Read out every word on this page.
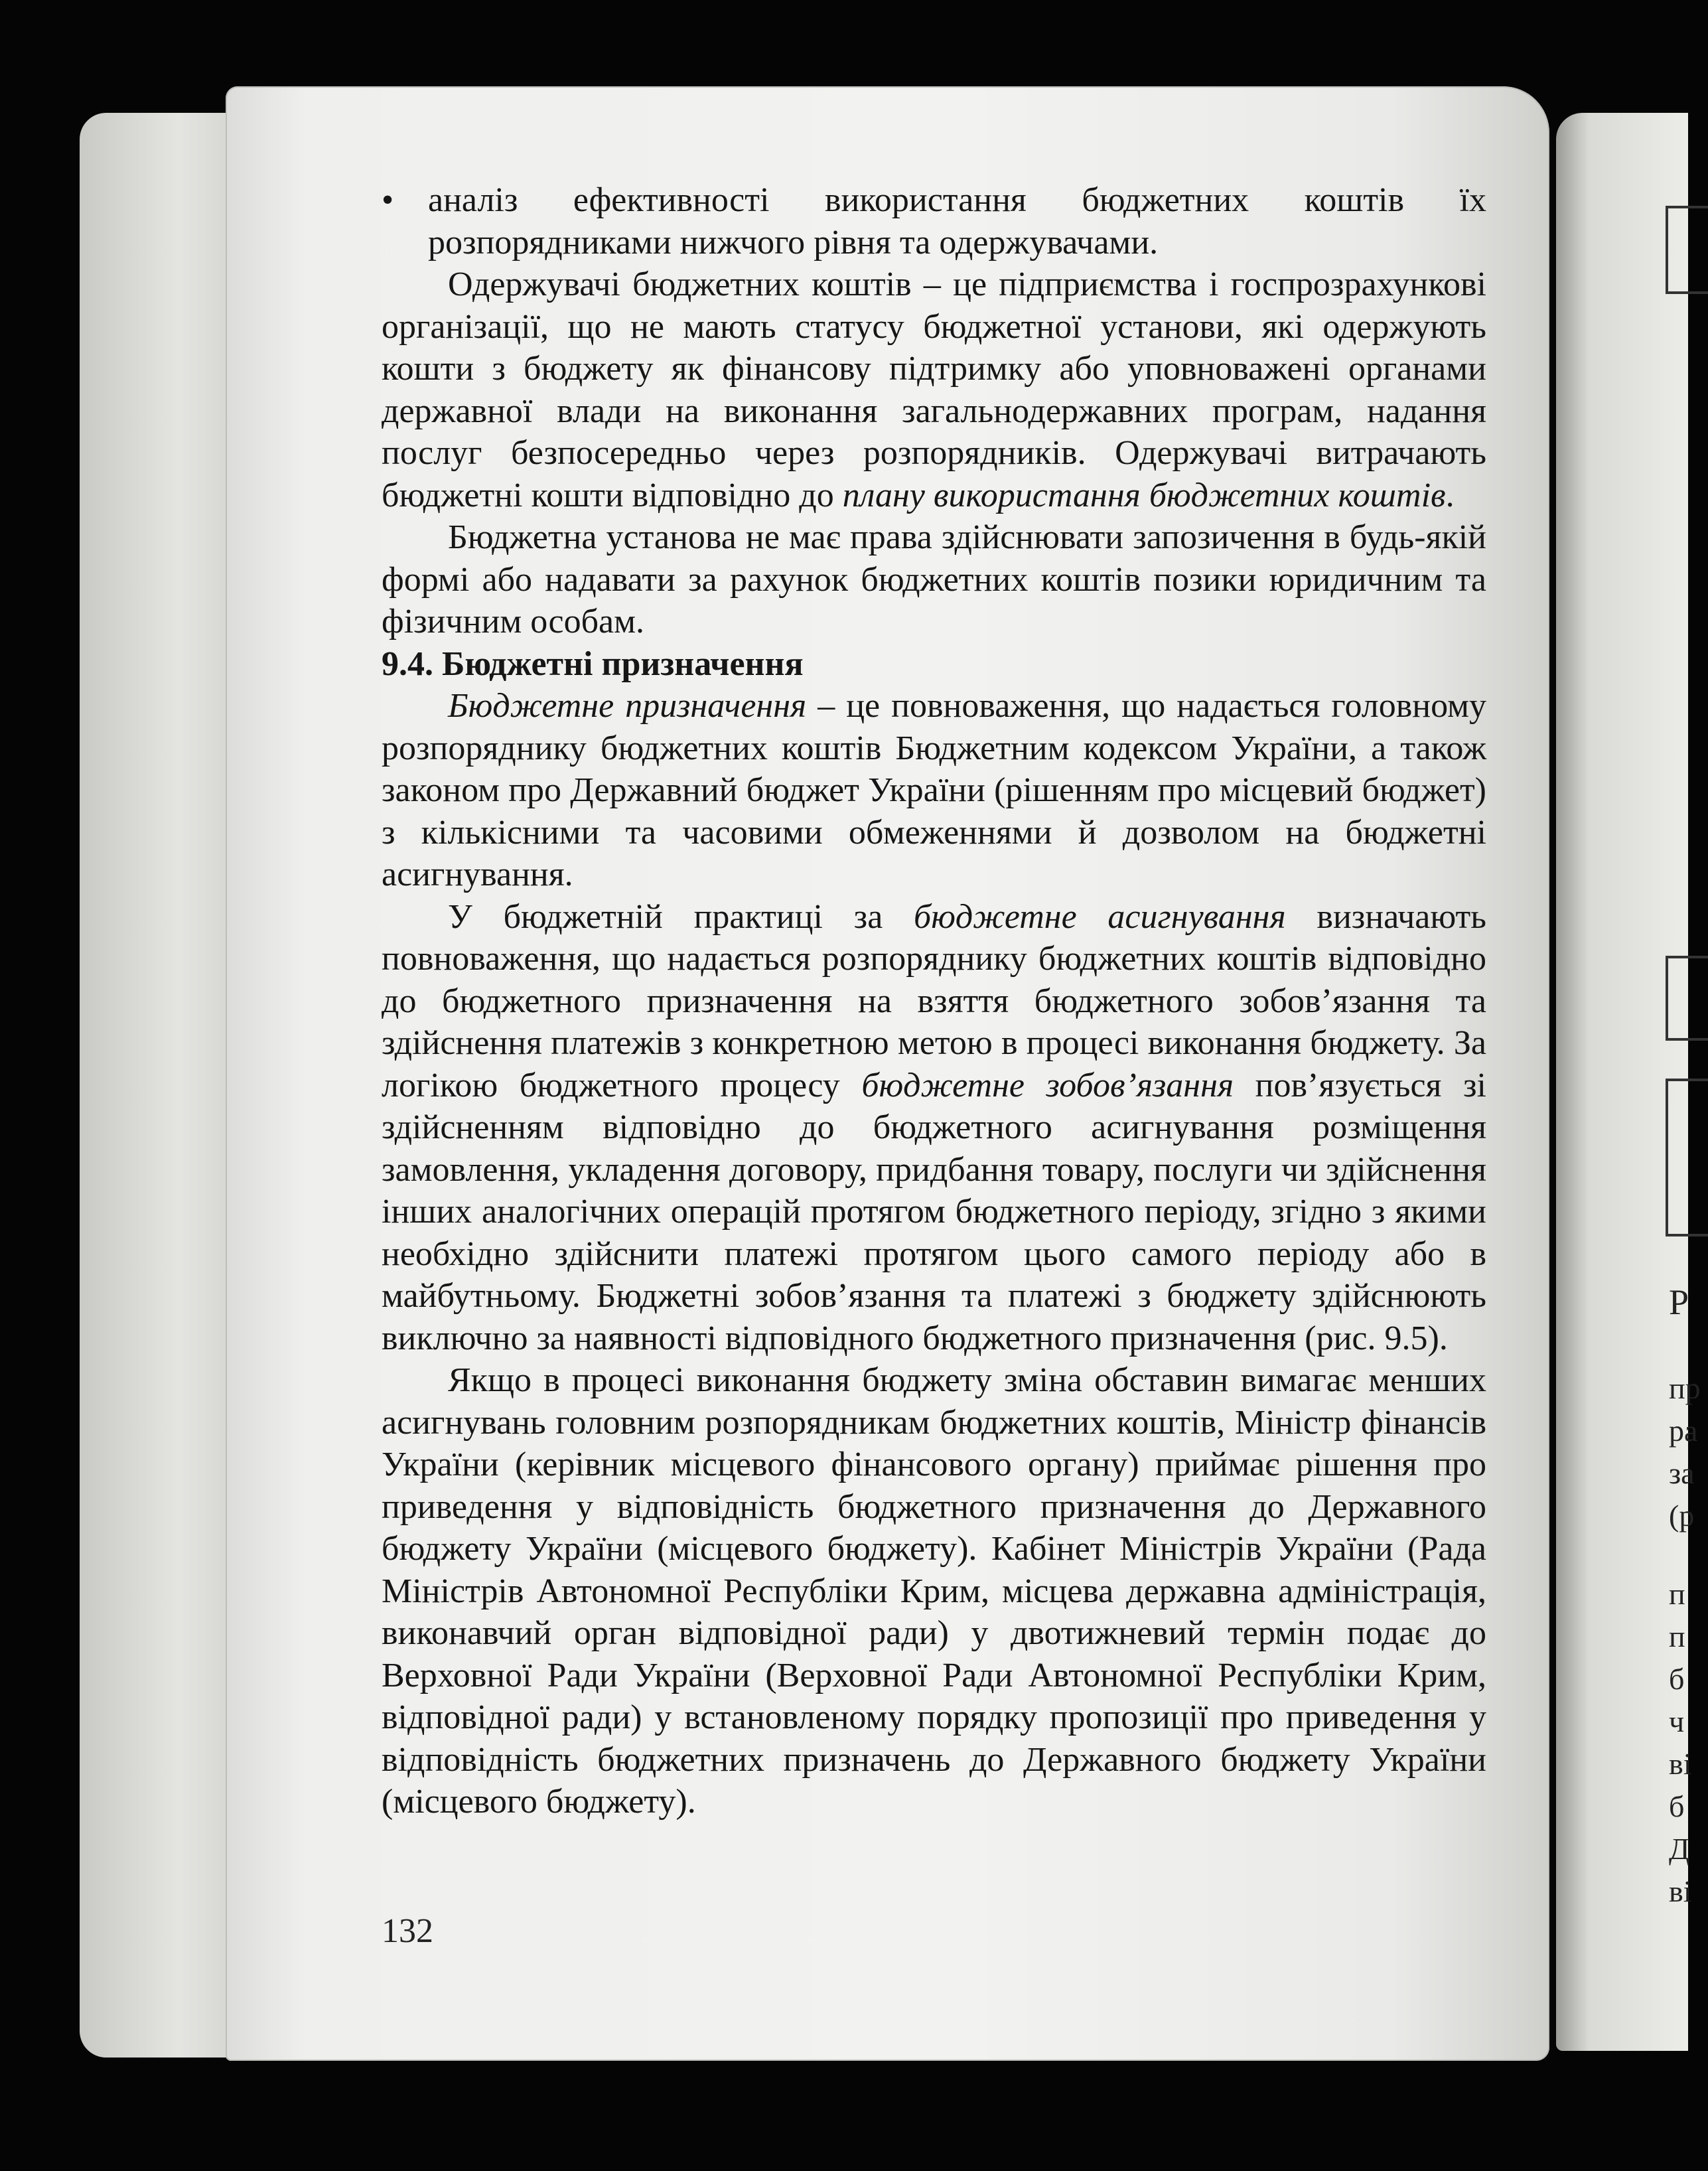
Р
пр
ра
за
(р
п
п
б
ч
ві
б
Д
ві
• аналіз ефективності використання бюджетних коштів їх розпорядниками нижчого рівня та одержувачами.

Одержувачі бюджетних коштів – це підприємства і госпрозрахункові організації, що не мають статусу бюджетної установи, які одержують кошти з бюджету як фінансову підтримку або уповноважені органами державної влади на виконання загальнодержавних програм, надання послуг безпосередньо через розпорядників. Одержувачі витрачають бюджетні кошти відповідно до плану використання бюджетних коштів.

Бюджетна установа не має права здійснювати запозичення в будь-якій формі або надавати за рахунок бюджетних коштів позики юридичним та фізичним особам.

9.4. Бюджетні призначення

Бюджетне призначення – це повноваження, що надається головному розпоряднику бюджетних коштів Бюджетним кодексом України, а також законом про Державний бюджет України (рішенням про місцевий бюджет) з кількісними та часовими обмеженнями й дозволом на бюджетні асигнування.

У бюджетній практиці за бюджетне асигнування визначають повноваження, що надається розпоряднику бюджетних коштів відповідно до бюджетного призначення на взяття бюджетного зобов’язання та здійснення платежів з конкретною метою в процесі виконання бюджету. За логікою бюджетного процесу бюджетне зобов’язання пов’язується зі здійсненням відповідно до бюджетного асигнування розміщення замовлення, укладення договору, придбання товару, послуги чи здійснення інших аналогічних операцій протягом бюджетного періоду, згідно з якими необхідно здійснити платежі протягом цього самого періоду або в майбутньому. Бюджетні зобов’язання та платежі з бюджету здійснюють виключно за наявності відповідного бюджетного призначення (рис. 9.5).

Якщо в процесі виконання бюджету зміна обставин вимагає менших асигнувань головним розпорядникам бюджетних коштів, Міністр фінансів України (керівник місцевого фінансового органу) приймає рішення про приведення у відповідність бюджетного призначення до Державного бюджету України (місцевого бюджету). Кабінет Міністрів України (Рада Міністрів Автономної Республіки Крим, місцева державна адміністрація, виконавчий орган відповідної ради) у двотижневий термін подає до Верховної Ради України (Верховної Ради Автономної Республіки Крим, відповідної ради) у встановленому порядку пропозиції про приведення у відповідність бюджетних призначень до Державного бюджету України (місцевого бюджету).

132
